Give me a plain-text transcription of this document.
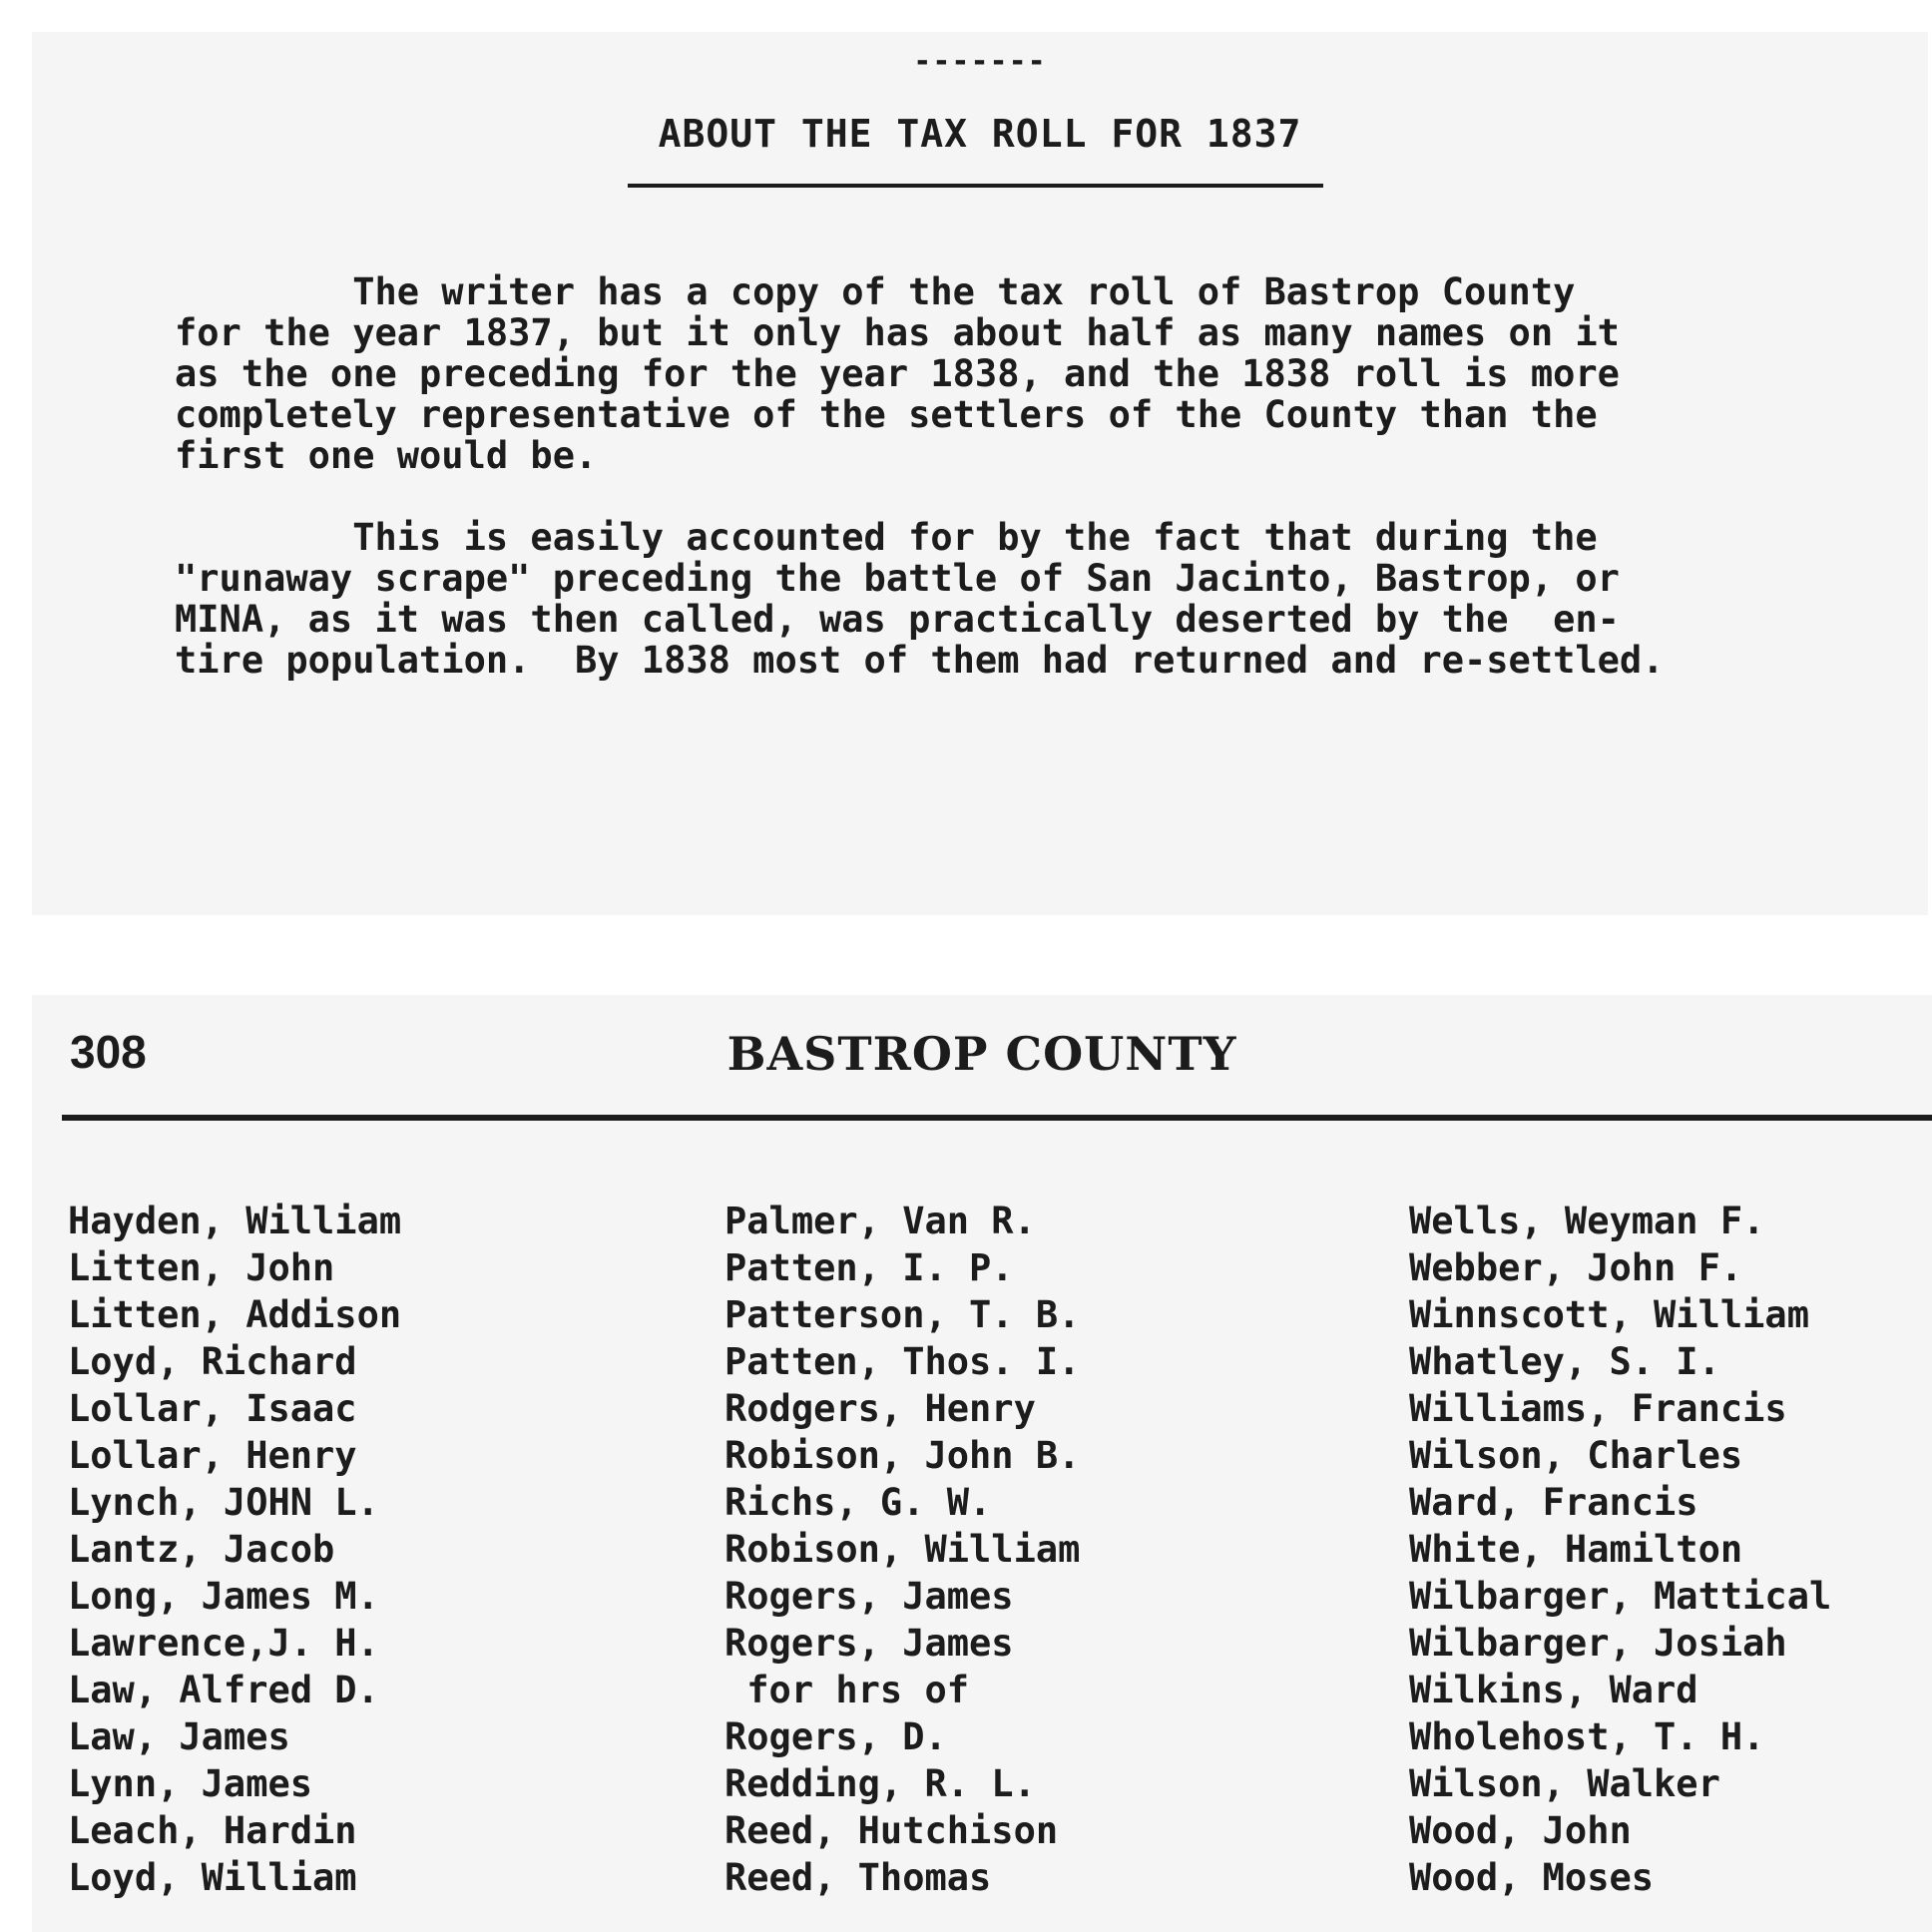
-------
ABOUT THE TAX ROLL FOR 1837

The writer has a copy of the tax roll of Bastrop County
for the year 1837, but it only has about half as many names on it
as the one preceding for the year 1838, and the 1838 roll is more
completely representative of the settlers of the County than the
first one would be.

This is easily accounted for by the fact that during the
"runaway scrape" preceding the battle of San Jacinto, Bastrop, or
MINA, as it was then called, was practically deserted by the  en-
tire population.  By 1838 most of them had returned and re-settled.

308	BASTROP COUNTY
Hayden, William
Litten, John
Litten, Addison
Loyd, Richard
Lollar, Isaac
Lollar, Henry
Lynch, JOHN L.
Lantz, Jacob
Long, James M.
Lawrence,J. H.
Law, Alfred D.
Law, James
Lynn, James
Leach, Hardin
Loyd, William
Palmer, Van R.
Patten, I. P.
Patterson, T. B.
Patten, Thos. I.
Rodgers, Henry
Robison, John B.
Richs, G. W.
Robison, William
Rogers, James
Rogers, James
for hrs of
Rogers, D.
Redding, R. L.
Reed, Hutchison
Reed, Thomas
Wells, Weyman F.
Webber, John F.
Winnscott, William
Whatley, S. I.
Williams, Francis
Wilson, Charles
Ward, Francis
White, Hamilton
Wilbarger, Mattical
Wilbarger, Josiah
Wilkins, Ward
Wholehost, T. H.
Wilson, Walker
Wood, John
Wood, Moses
